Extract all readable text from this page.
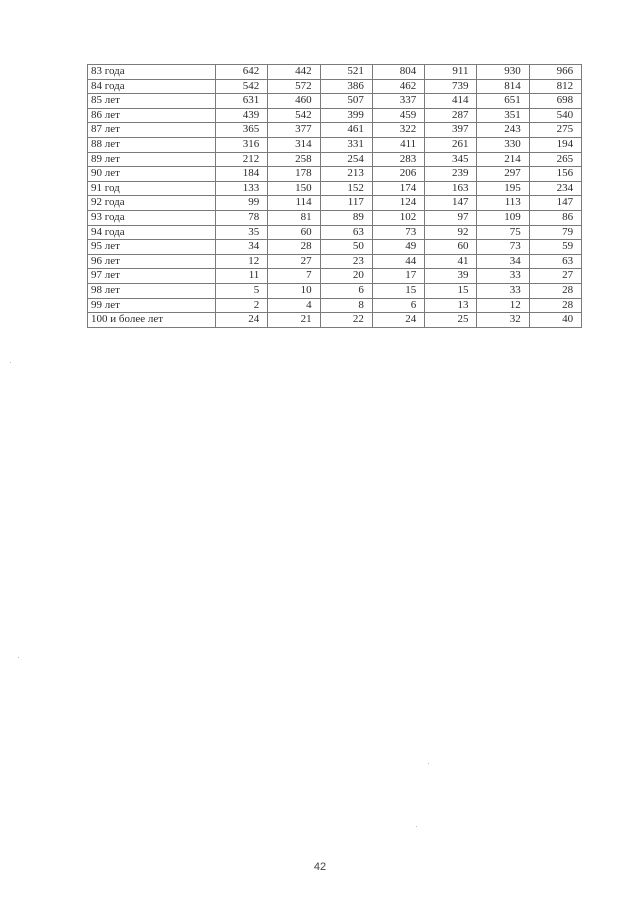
83 года	642	442	521	804	911	930	966
84 года	542	572	386	462	739	814	812
85 лет	631	460	507	337	414	651	698
86 лет	439	542	399	459	287	351	540
87 лет	365	377	461	322	397	243	275
88 лет	316	314	331	411	261	330	194
89 лет	212	258	254	283	345	214	265
90 лет	184	178	213	206	239	297	156
91 год	133	150	152	174	163	195	234
92 года	99	114	117	124	147	113	147
93 года	78	81	89	102	97	109	86
94 года	35	60	63	73	92	75	79
95 лет	34	28	50	49	60	73	59
96 лет	12	27	23	44	41	34	63
97 лет	11	7	20	17	39	33	27
98 лет	5	10	6	15	15	33	28
99 лет	2	4	8	6	13	12	28
100 и более лет	24	21	22	24	25	32	40
42
